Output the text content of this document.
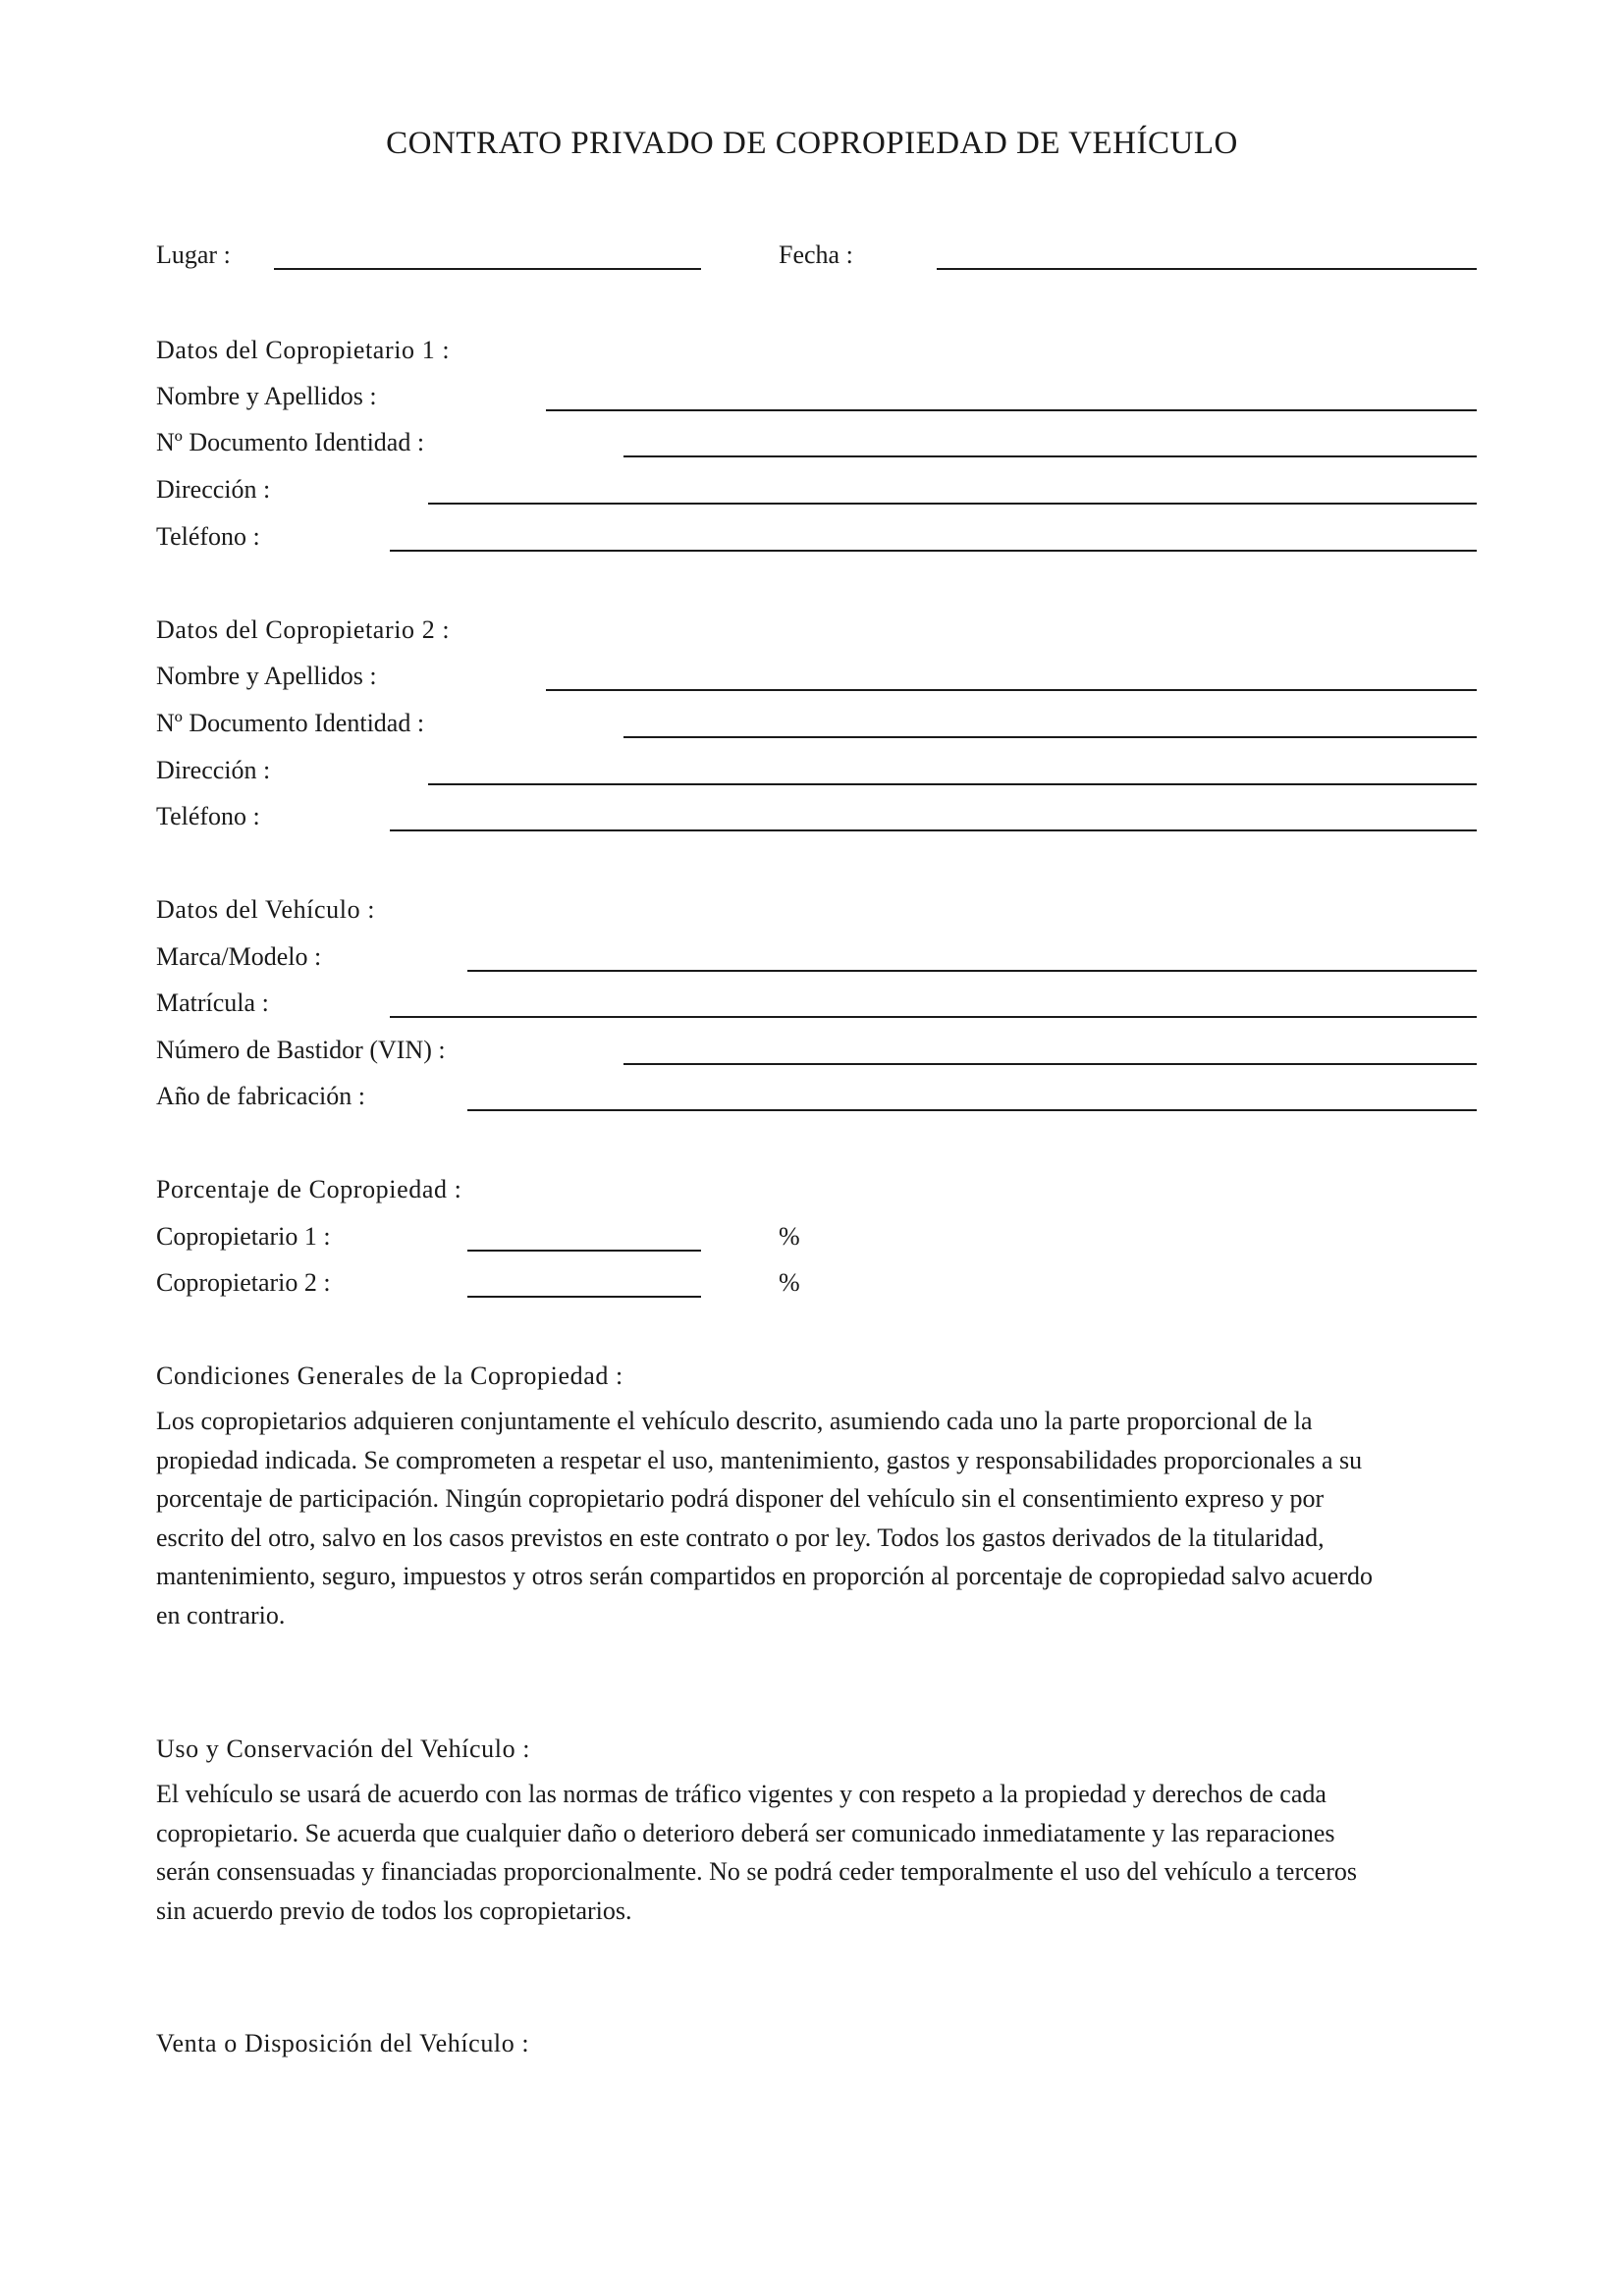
CONTRATO PRIVADO DE COPROPIEDAD DE VEHÍCULO
Lugar :	Fecha :
Datos del Copropietario 1 :
Nombre y Apellidos :
Nº Documento Identidad :
Dirección :
Teléfono :
Datos del Copropietario 2 :
Nombre y Apellidos :
Nº Documento Identidad :
Dirección :
Teléfono :
Datos del Vehículo :
Marca/Modelo :
Matrícula :
Número de Bastidor (VIN) :
Año de fabricación :
Porcentaje de Copropiedad :
Copropietario 1 :	%
Copropietario 2 :	%
Condiciones Generales de la Copropiedad :
Los copropietarios adquieren conjuntamente el vehículo descrito, asumiendo cada uno la parte proporcional de la
propiedad indicada. Se comprometen a respetar el uso, mantenimiento, gastos y responsabilidades proporcionales a su
porcentaje de participación. Ningún copropietario podrá disponer del vehículo sin el consentimiento expreso y por
escrito del otro, salvo en los casos previstos en este contrato o por ley. Todos los gastos derivados de la titularidad,
mantenimiento, seguro, impuestos y otros serán compartidos en proporción al porcentaje de copropiedad salvo acuerdo
en contrario.
Uso y Conservación del Vehículo :
El vehículo se usará de acuerdo con las normas de tráfico vigentes y con respeto a la propiedad y derechos de cada
copropietario. Se acuerda que cualquier daño o deterioro deberá ser comunicado inmediatamente y las reparaciones
serán consensuadas y financiadas proporcionalmente. No se podrá ceder temporalmente el uso del vehículo a terceros
sin acuerdo previo de todos los copropietarios.
Venta o Disposición del Vehículo :
